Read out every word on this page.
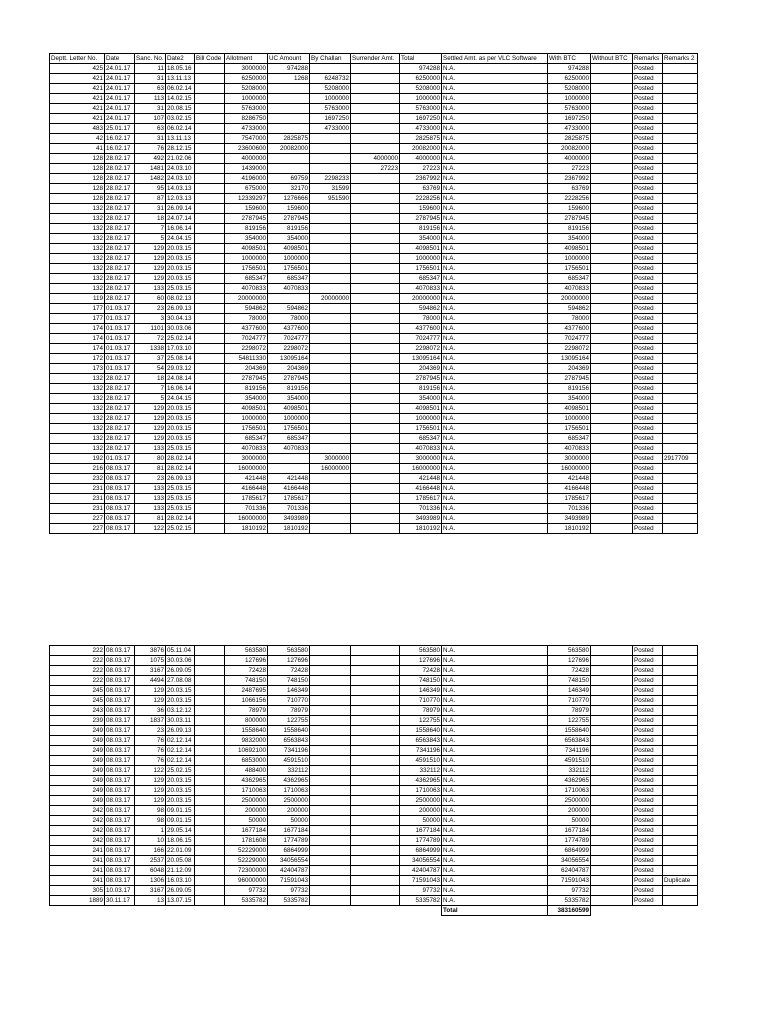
Deptt. Letter No.	Date	Sanc. No.	Date2	Bill Code	Allotment	UC Amount	By Challan	Surrender Amt.	Total	Settled Amt. as per VLC Software	With BTC	Without BTC	Remarks	Remarks 2
425	24.01.17	11	18.05.16		3000000	974288			974288	N.A.	974288		Posted	
421	24.01.17	31	13.11.13		6250000	1268	6248732		6250000	N.A.	6250000		Posted	
421	24.01.17	63	06.02.14		5208000		5208000		5208000	N.A.	5208000		Posted	
421	24.01.17	113	14.02.15		1000000		1000000		1000000	N.A.	1000000		Posted	
421	24.01.17	31	20.08.15		5763000		5763000		5763000	N.A.	5763000		Posted	
421	24.01.17	107	03.02.15		8286750		1697250		1697250	N.A.	1697250		Posted	
483	25.01.17	63	06.02.14		4733000		4733000		4733000	N.A.	4733000		Posted	
42	16.02.17	31	13.11.13		7547000	2825875			2825875	N.A.	2825875		Posted	
41	16.02.17	76	28.12.15		23600600	20082000			20082000	N.A.	20082000		Posted	
128	28.02.17	492	21.02.06		4000000			4000000	4000000	N.A.	4000000		Posted	
128	28.02.17	1481	24.03.10		1439000			27223	27223	N.A.	27223		Posted	
128	28.02.17	1482	24.03.10		4196000	69759	2298233		2367992	N.A.	2367992		Posted	
128	28.02.17	95	14.03.13		675000	32170	31599		63769	N.A.	63769		Posted	
128	28.02.17	87	12.03.13		12339297	1276666	951590		2228256	N.A.	2228256		Posted	
132	28.02.17	31	26.09.14		159600	159600			159600	N.A.	159600		Posted	
132	28.02.17	18	24.07.14		2787945	2787945			2787945	N.A.	2787945		Posted	
132	28.02.17	7	16.06.14		819156	819156			819156	N.A.	819156		Posted	
132	28.02.17	5	24.04.15		354000	354000			354000	N.A.	354000		Posted	
132	28.02.17	129	20.03.15		4098501	4098501			4098501	N.A.	4098501		Posted	
132	28.02.17	129	20.03.15		1000000	1000000			1000000	N.A.	1000000		Posted	
132	28.02.17	129	20.03.15		1756501	1756501			1756501	N.A.	1756501		Posted	
132	28.02.17	129	20.03.15		685347	685347			685347	N.A.	685347		Posted	
132	28.02.17	133	25.03.15		4070833	4070833			4070833	N.A.	4070833		Posted	
119	28.02.17	60	08.02.13		20000000		20000000		20000000	N.A.	20000000		Posted	
177	01.03.17	23	26.09.13		594862	594862			594862	N.A.	594862		Posted	
177	01.03.17	3	30.04.13		78000	78000			78000	N.A.	78000		Posted	
174	01.03.17	1101	30.03.06		4377600	4377600			4377600	N.A.	4377600		Posted	
174	01.03.17	72	25.02.14		7024777	7024777			7024777	N.A.	7024777		Posted	
174	01.03.17	1338	17.03.10		2298072	2298072			2298072	N.A.	2298072		Posted	
172	01.03.17	37	25.08.14		54811330	13095164			13095164	N.A.	13095164		Posted	
173	01.03.17	54	29.03.12		204369	204369			204369	N.A.	204369		Posted	
132	28.02.17	18	24.08.14		2787945	2787945			2787945	N.A.	2787945		Posted	
132	28.02.17	7	16.06.14		819156	819156			819156	N.A.	819156		Posted	
132	28.02.17	5	24.04.15		354000	354000			354000	N.A.	354000		Posted	
132	28.02.17	129	20.03.15		4098501	4098501			4098501	N.A.	4098501		Posted	
132	28.02.17	129	20.03.15		1000000	1000000			1000000	N.A.	1000000		Posted	
132	28.02.17	129	20.03.15		1756501	1756501			1756501	N.A.	1756501		Posted	
132	28.02.17	129	20.03.15		685347	685347			685347	N.A.	685347		Posted	
132	28.02.17	133	25.03.15		4070833	4070833			4070833	N.A.	4070833		Posted	
192	01.03.17	80	28.02.14		3000000		3000000		3000000	N.A.	3000000		Posted	2917709
216	08.03.17	81	28.02.14		16000000		16000000		16000000	N.A.	16000000		Posted	
232	08.03.17	23	26.09.13		421448	421448			421448	N.A.	421448		Posted	
231	08.03.17	133	25.03.15		4166448	4166448			4166448	N.A.	4166448		Posted	
231	08.03.17	133	25.03.15		1785617	1785617			1785617	N.A.	1785617		Posted	
231	08.03.17	133	25.03.15		701336	701336			701336	N.A.	701336		Posted	
227	08.03.17	81	28.02.14		16000000	3493989			3493989	N.A.	3493989		Posted	
227	08.03.17	122	25.02.15		1810192	1810192			1810192	N.A.	1810192		Posted	
222	08.03.17	3876	05.11.04		563580	563580			563580	N.A.	563580		Posted	
222	08.03.17	1075	30.03.06		127696	127696			127696	N.A.	127696		Posted	
222	08.03.17	3167	26.09.05		72428	72428			72428	N.A.	72428		Posted	
222	08.03.17	4494	27.08.08		748150	748150			748150	N.A.	748150		Posted	
245	08.03.17	129	20.03.15		2487695	146349			146349	N.A.	146349		Posted	
245	08.03.17	129	20.03.15		1066156	710770			710770	N.A.	710770		Posted	
243	08.03.17	36	03.12.12		78979	78979			78979	N.A.	78979		Posted	
239	08.03.17	1837	30.03.11		800000	122755			122755	N.A.	122755		Posted	
249	08.03.17	23	26.09.13		1558640	1558640			1558640	N.A.	1558640		Posted	
249	08.03.17	76	02.12.14		9832000	6563843			6563843	N.A.	6563843		Posted	
249	08.03.17	76	02.12.14		10692100	7341196			7341196	N.A.	7341196		Posted	
249	08.03.17	76	02.12.14		6853000	4591510			4591510	N.A.	4591510		Posted	
249	08.03.17	122	25.02.15		488400	332112			332112	N.A.	332112		Posted	
249	08.03.17	129	20.03.15		4362965	4362965			4362965	N.A.	4362965		Posted	
249	08.03.17	129	20.03.15		1710063	1710063			1710063	N.A.	1710063		Posted	
249	08.03.17	129	20.03.15		2500000	2500000			2500000	N.A.	2500000		Posted	
242	08.03.17	98	09.01.15		200000	200000			200000	N.A.	200000		Posted	
242	08.03.17	98	09.01.15		50000	50000			50000	N.A.	50000		Posted	
242	08.03.17	1	29.05.14		1677184	1677184			1677184	N.A.	1677184		Posted	
242	08.03.17	10	18.06.15		1781608	1774789			1774789	N.A.	1774789		Posted	
241	08.03.17	166	22.01.09		52229000	6864999			6864999	N.A.	6864999		Posted	
241	08.03.17	2537	20.05.08		52229000	34056554			34056554	N.A.	34056554		Posted	
241	08.03.17	6048	21.12.09		72300000	42404787			42404787	N.A.	62404787		Posted	
241	08.03.17	1306	16.03.10		96000000	71591043			71591043	N.A.	71591043		Posted	Duplicate
305	10.03.17	3167	26.09.05		97732	97732			97732	N.A.	97732		Posted	
1889	30.11.17	13	13.07.15		5335782	5335782			5335782	N.A.	5335782		Posted	
										Total	383160599			
